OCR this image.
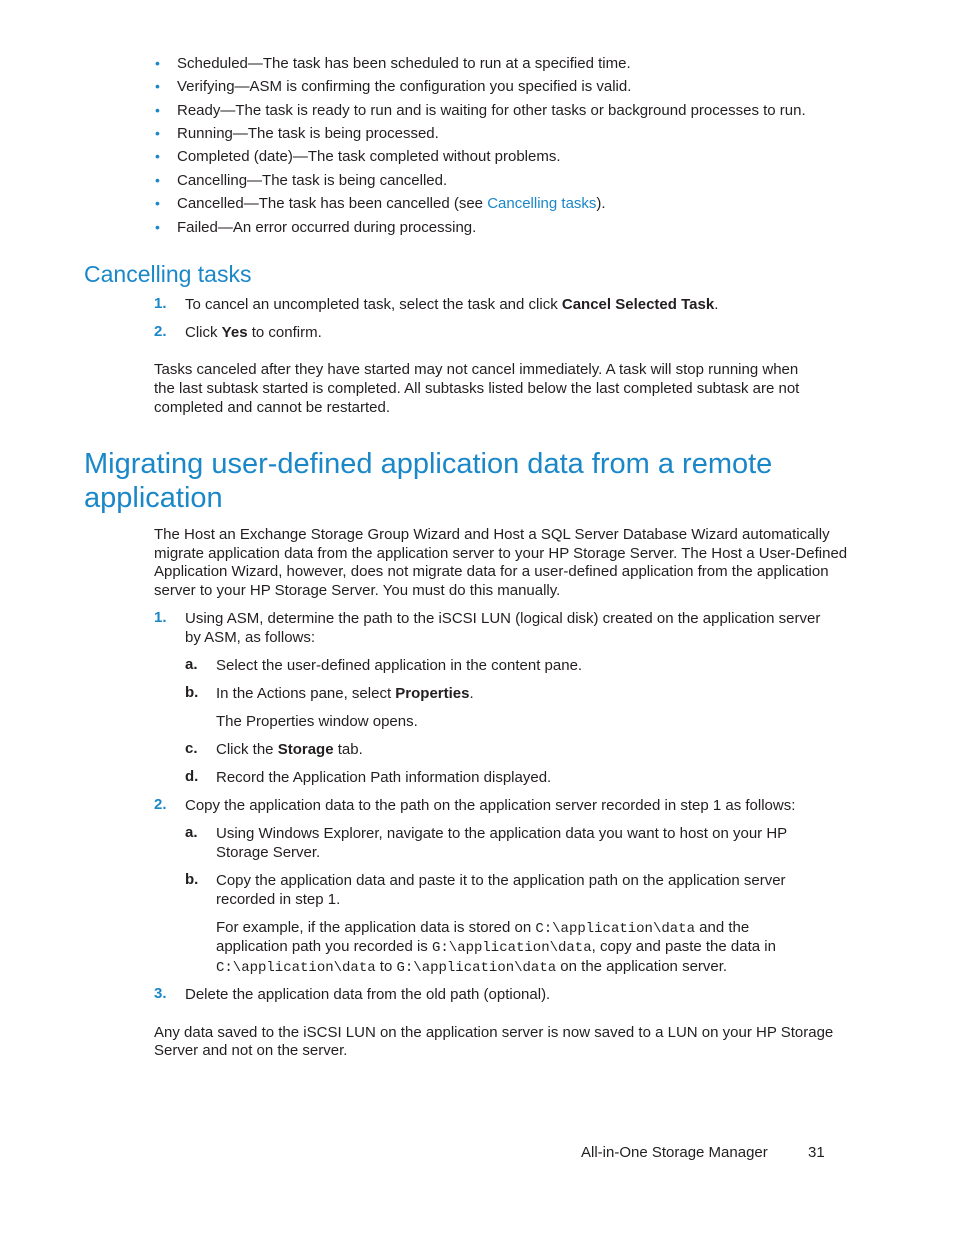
• Scheduled—The task has been scheduled to run at a specified time.
• Verifying—ASM is confirming the configuration you specified is valid.
• Ready—The task is ready to run and is waiting for other tasks or background processes to run.
• Running—The task is being processed.
• Completed (date)—The task completed without problems.
• Cancelling—The task is being cancelled.
• Cancelled—The task has been cancelled (see Cancelling tasks).
• Failed—An error occurred during processing.
Cancelling tasks
1. To cancel an uncompleted task, select the task and click Cancel Selected Task.
2. Click Yes to confirm.
Tasks canceled after they have started may not cancel immediately. A task will stop running when
the last subtask started is completed. All subtasks listed below the last completed subtask are not
completed and cannot be restarted.
Migrating user-defined application data from a remote
application
The Host an Exchange Storage Group Wizard and Host a SQL Server Database Wizard automatically
migrate application data from the application server to your HP Storage Server. The Host a User-Defined
Application Wizard, however, does not migrate data for a user-defined application from the application
server to your HP Storage Server. You must do this manually.
1. Using ASM, determine the path to the iSCSI LUN (logical disk) created on the application server
by ASM, as follows:
a. Select the user-defined application in the content pane.
b. In the Actions pane, select Properties.
The Properties window opens.
c. Click the Storage tab.
d. Record the Application Path information displayed.
2. Copy the application data to the path on the application server recorded in step 1 as follows:
a. Using Windows Explorer, navigate to the application data you want to host on your HP
Storage Server.
b. Copy the application data and paste it to the application path on the application server
recorded in step 1.
For example, if the application data is stored on C:\application\data and the
application path you recorded is G:\application\data, copy and paste the data in
C:\application\data to G:\application\data on the application server.
3. Delete the application data from the old path (optional).
Any data saved to the iSCSI LUN on the application server is now saved to a LUN on your HP Storage
Server and not on the server.
All-in-One Storage Manager	31
